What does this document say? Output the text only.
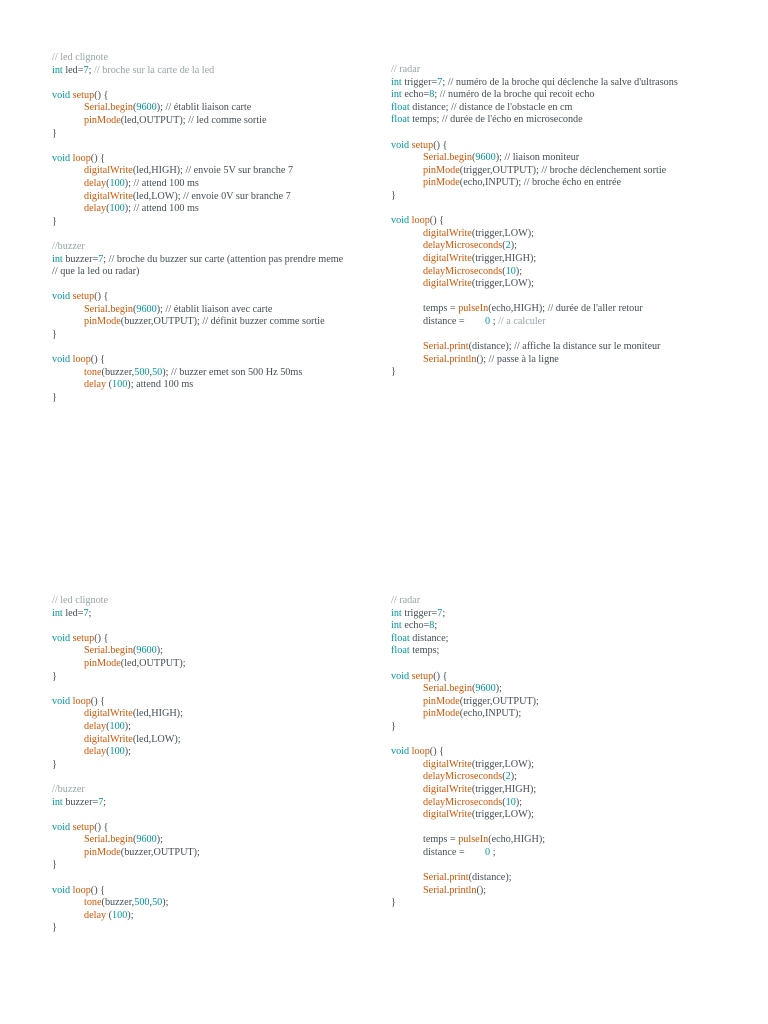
// led clignote
int led=7; // broche sur la carte de la led

void setup() {
Serial.begin(9600); // établit liaison carte
pinMode(led,OUTPUT); // led comme sortie
}

void loop() {
digitalWrite(led,HIGH); // envoie 5V sur branche 7
delay(100); // attend 100 ms
digitalWrite(led,LOW); // envoie 0V sur branche 7
delay(100); // attend 100 ms
}

//buzzer
int buzzer=7; // broche du buzzer sur carte (attention pas prendre meme
// que la led ou radar)

void setup() {
Serial.begin(9600); // établit liaison avec carte
pinMode(buzzer,OUTPUT); // définit buzzer comme sortie
}

void loop() {
tone(buzzer,500,50); // buzzer emet son 500 Hz 50ms
delay (100); attend 100 ms
}
// radar
int trigger=7; // numéro de la broche qui déclenche la salve d'ultrasons
int echo=8; // numéro de la broche qui recoit echo
float distance; // distance de l'obstacle en cm
float temps; // durée de l'écho en microseconde

void setup() {
Serial.begin(9600); // liaison moniteur
pinMode(trigger,OUTPUT); // broche déclenchement sortie
pinMode(echo,INPUT); // broche écho en entrée
}

void loop() {
digitalWrite(trigger,LOW);
delayMicroseconds(2);
digitalWrite(trigger,HIGH);
delayMicroseconds(10);
digitalWrite(trigger,LOW);

temps = pulseIn(echo,HIGH); // durée de l'aller retour
distance =        0 ; // a calculer

Serial.print(distance); // affiche la distance sur le moniteur
Serial.println(); // passe à la ligne
}
// led clignote
int led=7;

void setup() {
Serial.begin(9600);
pinMode(led,OUTPUT);
}

void loop() {
digitalWrite(led,HIGH);
delay(100);
digitalWrite(led,LOW);
delay(100);
}

//buzzer
int buzzer=7;

void setup() {
Serial.begin(9600);
pinMode(buzzer,OUTPUT);
}

void loop() {
tone(buzzer,500,50);
delay (100);
}
// radar
int trigger=7;
int echo=8;
float distance;
float temps;

void setup() {
Serial.begin(9600);
pinMode(trigger,OUTPUT);
pinMode(echo,INPUT);
}

void loop() {
digitalWrite(trigger,LOW);
delayMicroseconds(2);
digitalWrite(trigger,HIGH);
delayMicroseconds(10);
digitalWrite(trigger,LOW);

temps = pulseIn(echo,HIGH);
distance =        0 ;

Serial.print(distance);
Serial.println();
}
